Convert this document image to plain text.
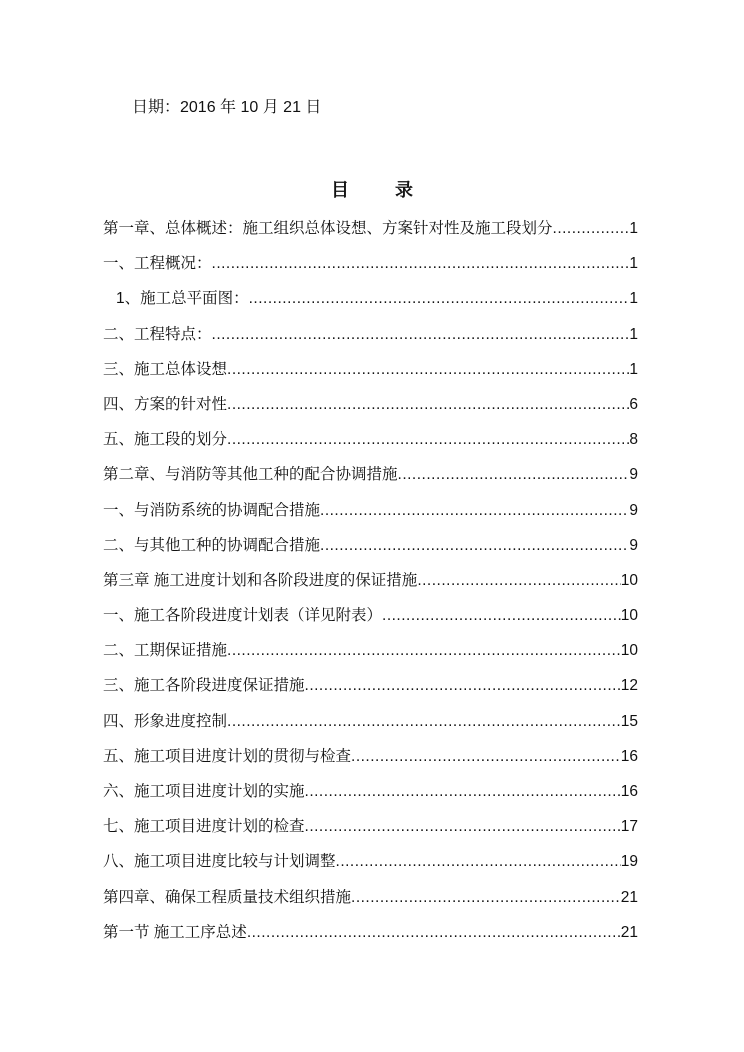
日期：2016 年 10 月 21 日
目	录
第一章、总体概述：施工组织总体设想、方案针对性及施工段划分 .....	1
一、工程概况： .....	1
1、施工总平面图： .....	1
二、工程特点： .....	1
三、施工总体设想 .....	1
四、方案的针对性 .....	6
五、施工段的划分 .....	8
第二章、与消防等其他工种的配合协调措施 .....	9
一、与消防系统的协调配合措施 .....	9
二、与其他工种的协调配合措施 .....	9
第三章 施工进度计划和各阶段进度的保证措施 .....	10
一、施工各阶段进度计划表（详见附表） .....	10
二、工期保证措施 .....	10
三、施工各阶段进度保证措施 .....	12
四、形象进度控制 .....	15
五、施工项目进度计划的贯彻与检查 .....	16
六、施工项目进度计划的实施 .....	16
七、施工项目进度计划的检查 .....	17
八、施工项目进度比较与计划调整 .....	19
第四章、确保工程质量技术组织措施 .....	21
第一节 施工工序总述 .....	21
